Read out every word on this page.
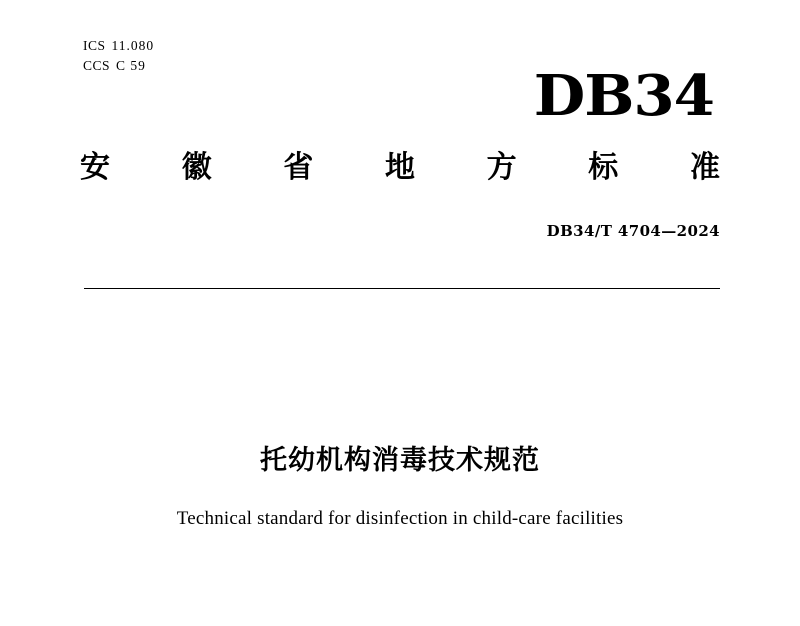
ICS 11.080
CCS C 59	DB34
安 徽 省 地 方 标 准
DB34/T 4704—2024
托幼机构消毒技术规范
Technical standard for disinfection in child-care facilities
